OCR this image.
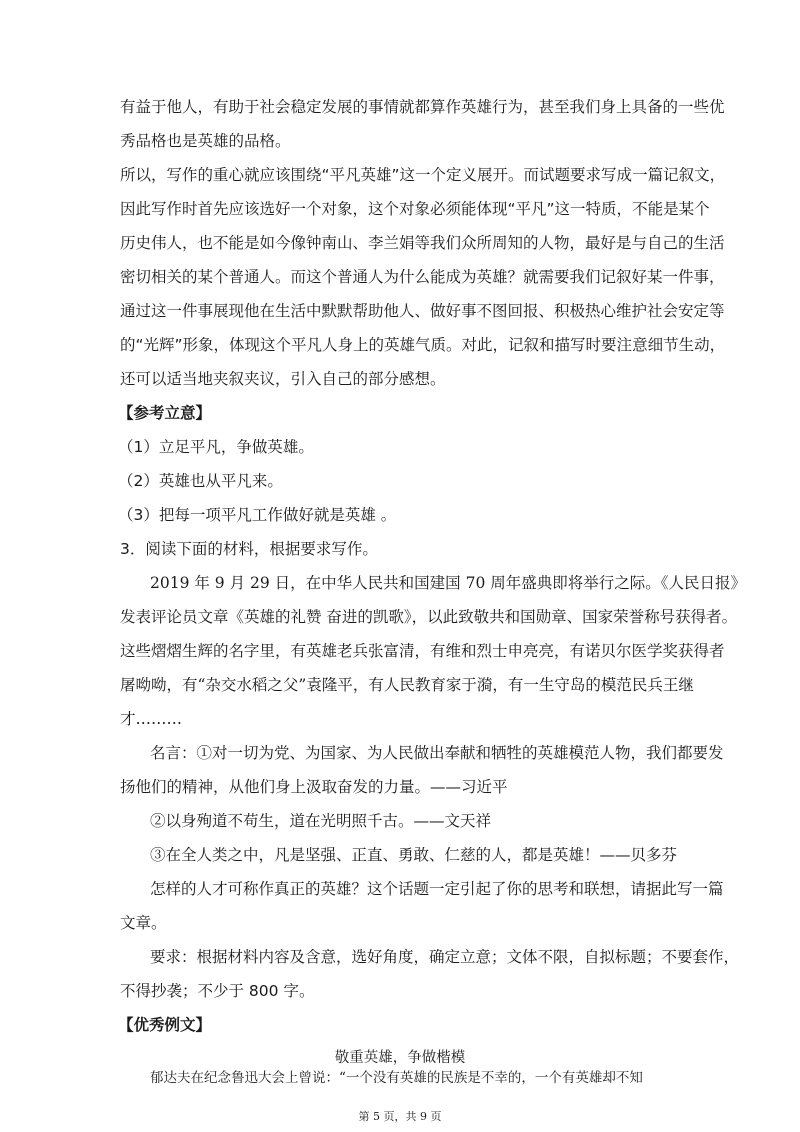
有益于他人，有助于社会稳定发展的事情就都算作英雄行为，甚至我们身上具备的一些优
秀品格也是英雄的品格。
所以，写作的重心就应该围绕“平凡英雄”这一个定义展开。而试题要求写成一篇记叙文，
因此写作时首先应该选好一个对象，这个对象必须能体现“平凡”这一特质，不能是某个
历史伟人，也不能是如今像钟南山、李兰娟等我们众所周知的人物，最好是与自己的生活
密切相关的某个普通人。而这个普通人为什么能成为英雄？就需要我们记叙好某一件事，
通过这一件事展现他在生活中默默帮助他人、做好事不图回报、积极热心维护社会安定等
的“光辉”形象，体现这个平凡人身上的英雄气质。对此，记叙和描写时要注意细节生动，
还可以适当地夹叙夹议，引入自己的部分感想。
【参考立意】
（1）立足平凡，争做英雄。
（2）英雄也从平凡来。
（3）把每一项平凡工作做好就是英雄 。
3．阅读下面的材料，根据要求写作。
2019 年 9 月 29 日，在中华人民共和国建国 70 周年盛典即将举行之际。《人民日报》
发表评论员文章《英雄的礼赞 奋进的凯歌》，以此致敬共和国勋章、国家荣誉称号获得者。
这些熠熠生辉的名字里，有英雄老兵张富清，有维和烈士申亮亮，有诺贝尔医学奖获得者
屠呦呦，有“杂交水稻之父”袁隆平，有人民教育家于漪，有一生守岛的模范民兵王继
才………
名言：①对一切为党、为国家、为人民做出奉献和牺牲的英雄模范人物，我们都要发
扬他们的精神，从他们身上汲取奋发的力量。——习近平
②以身殉道不苟生，道在光明照千古。——文天祥
③在全人类之中，凡是坚强、正直、勇敢、仁慈的人，都是英雄！——贝多芬
怎样的人才可称作真正的英雄？这个话题一定引起了你的思考和联想，请据此写一篇
文章。
要求：根据材料内容及含意，选好角度，确定立意；文体不限，自拟标题；不要套作，
不得抄袭；不少于 800 字。
【优秀例文】
敬重英雄，争做楷模
郁达夫在纪念鲁迅大会上曾说：“一个没有英雄的民族是不幸的，一个有英雄却不知
第 5 页，共 9 页
